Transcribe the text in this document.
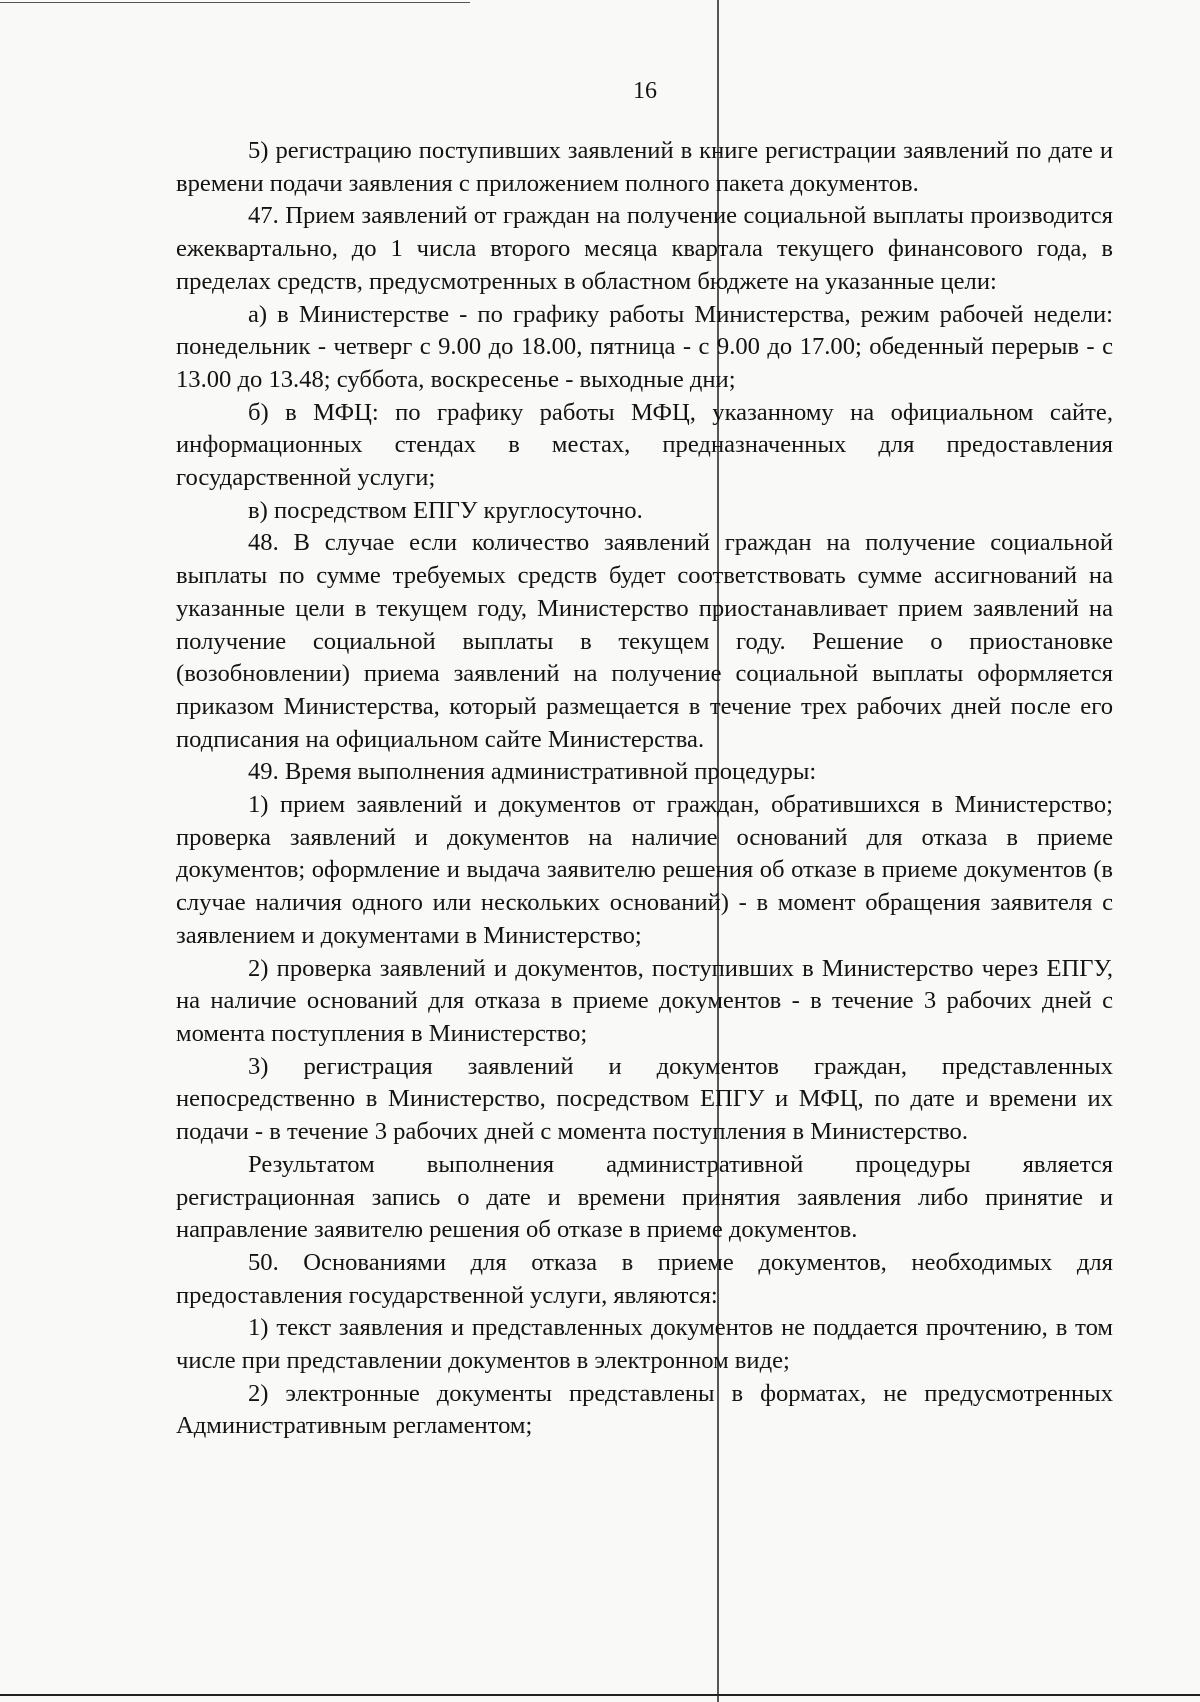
16

5) регистрацию поступивших заявлений в книге регистрации заявлений по дате и времени подачи заявления с приложением полного пакета документов.

47. Прием заявлений от граждан на получение социальной выплаты производится ежеквартально, до 1 числа второго месяца квартала текущего финансового года, в пределах средств, предусмотренных в областном бюджете на указанные цели:

а) в Министерстве - по графику работы Министерства, режим рабочей недели: понедельник - четверг с 9.00 до 18.00, пятница - с 9.00 до 17.00; обеденный перерыв - с 13.00 до 13.48; суббота, воскресенье - выходные дни;

б) в МФЦ: по графику работы МФЦ, указанному на официальном сайте, информационных стендах в местах, предназначенных для предоставления государственной услуги;

в) посредством ЕПГУ круглосуточно.

48. В случае если количество заявлений граждан на получение социальной выплаты по сумме требуемых средств будет соответствовать сумме ассигнований на указанные цели в текущем году, Министерство приостанавливает прием заявлений на получение социальной выплаты в текущем году. Решение о приостановке (возобновлении) приема заявлений на получение социальной выплаты оформляется приказом Министерства, который размещается в течение трех рабочих дней после его подписания на официальном сайте Министерства.

49. Время выполнения административной процедуры:

1) прием заявлений и документов от граждан, обратившихся в Министерство; проверка заявлений и документов на наличие оснований для отказа в приеме документов; оформление и выдача заявителю решения об отказе в приеме документов (в случае наличия одного или нескольких оснований) - в момент обращения заявителя с заявлением и документами в Министерство;

2) проверка заявлений и документов, поступивших в Министерство через ЕПГУ, на наличие оснований для отказа в приеме документов - в течение 3 рабочих дней с момента поступления в Министерство;

3) регистрация заявлений и документов граждан, представленных непосредственно в Министерство, посредством ЕПГУ и МФЦ, по дате и времени их подачи - в течение 3 рабочих дней с момента поступления в Министерство.

Результатом выполнения административной процедуры является регистрационная запись о дате и времени принятия заявления либо принятие и направление заявителю решения об отказе в приеме документов.

50. Основаниями для отказа в приеме документов, необходимых для предоставления государственной услуги, являются:

1) текст заявления и представленных документов не поддается прочтению, в том числе при представлении документов в электронном виде;

2) электронные документы представлены в форматах, не предусмотренных Административным регламентом;
